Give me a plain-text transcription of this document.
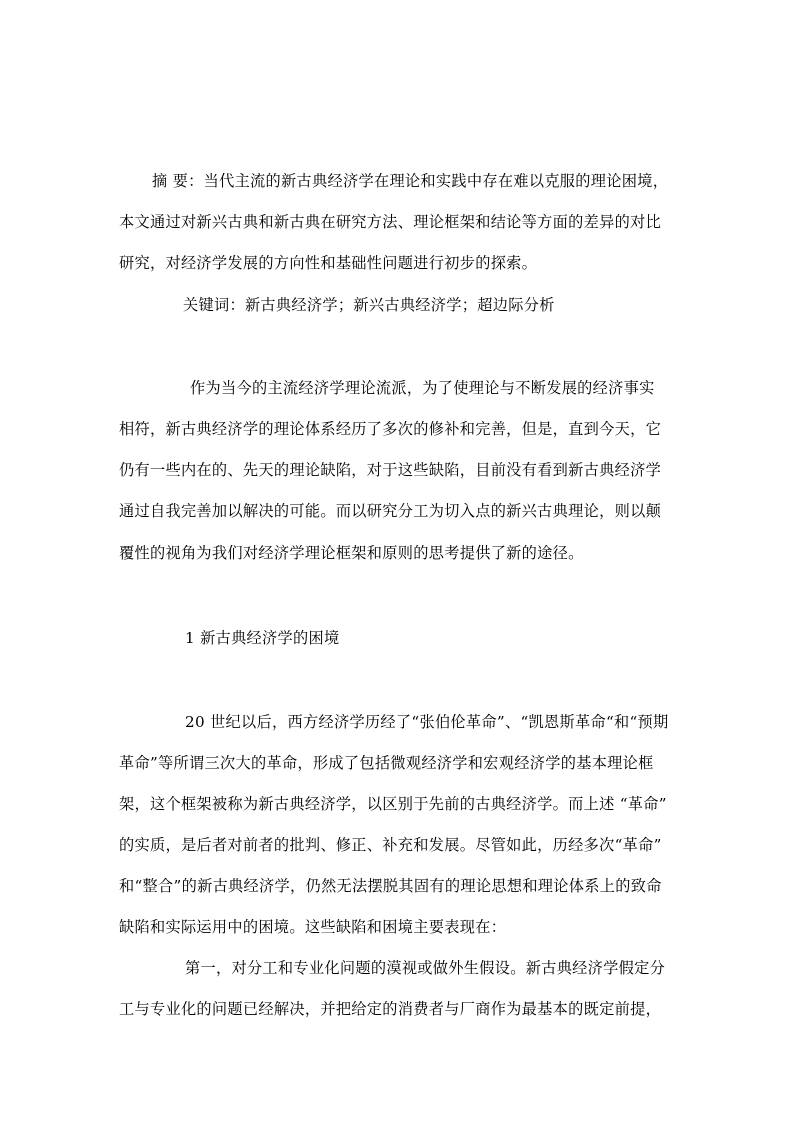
摘 要：当代主流的新古典经济学在理论和实践中存在难以克服的理论困境，
本文通过对新兴古典和新古典在研究方法、理论框架和结论等方面的差异的对比
研究，对经济学发展的方向性和基础性问题进行初步的探索。
关键词：新古典经济学；新兴古典经济学；超边际分析
作为当今的主流经济学理论流派，为了使理论与不断发展的经济事实
相符，新古典经济学的理论体系经历了多次的修补和完善，但是，直到今天，它
仍有一些内在的、先天的理论缺陷，对于这些缺陷，目前没有看到新古典经济学
通过自我完善加以解决的可能。而以研究分工为切入点的新兴古典理论，则以颠
覆性的视角为我们对经济学理论框架和原则的思考提供了新的途径。
1 新古典经济学的困境
20 世纪以后，西方经济学历经了“张伯伦革命”、“凯恩斯革命“和“预期
革命”等所谓三次大的革命，形成了包括微观经济学和宏观经济学的基本理论框
架，这个框架被称为新古典经济学，以区别于先前的古典经济学。而上述 “革命”
的实质，是后者对前者的批判、修正、补充和发展。尽管如此，历经多次“革命”
和“整合”的新古典经济学，仍然无法摆脱其固有的理论思想和理论体系上的致命
缺陷和实际运用中的困境。这些缺陷和困境主要表现在：
第一，对分工和专业化问题的漠视或做外生假设。新古典经济学假定分
工与专业化的问题已经解决，并把给定的消费者与厂商作为最基本的既定前提，
